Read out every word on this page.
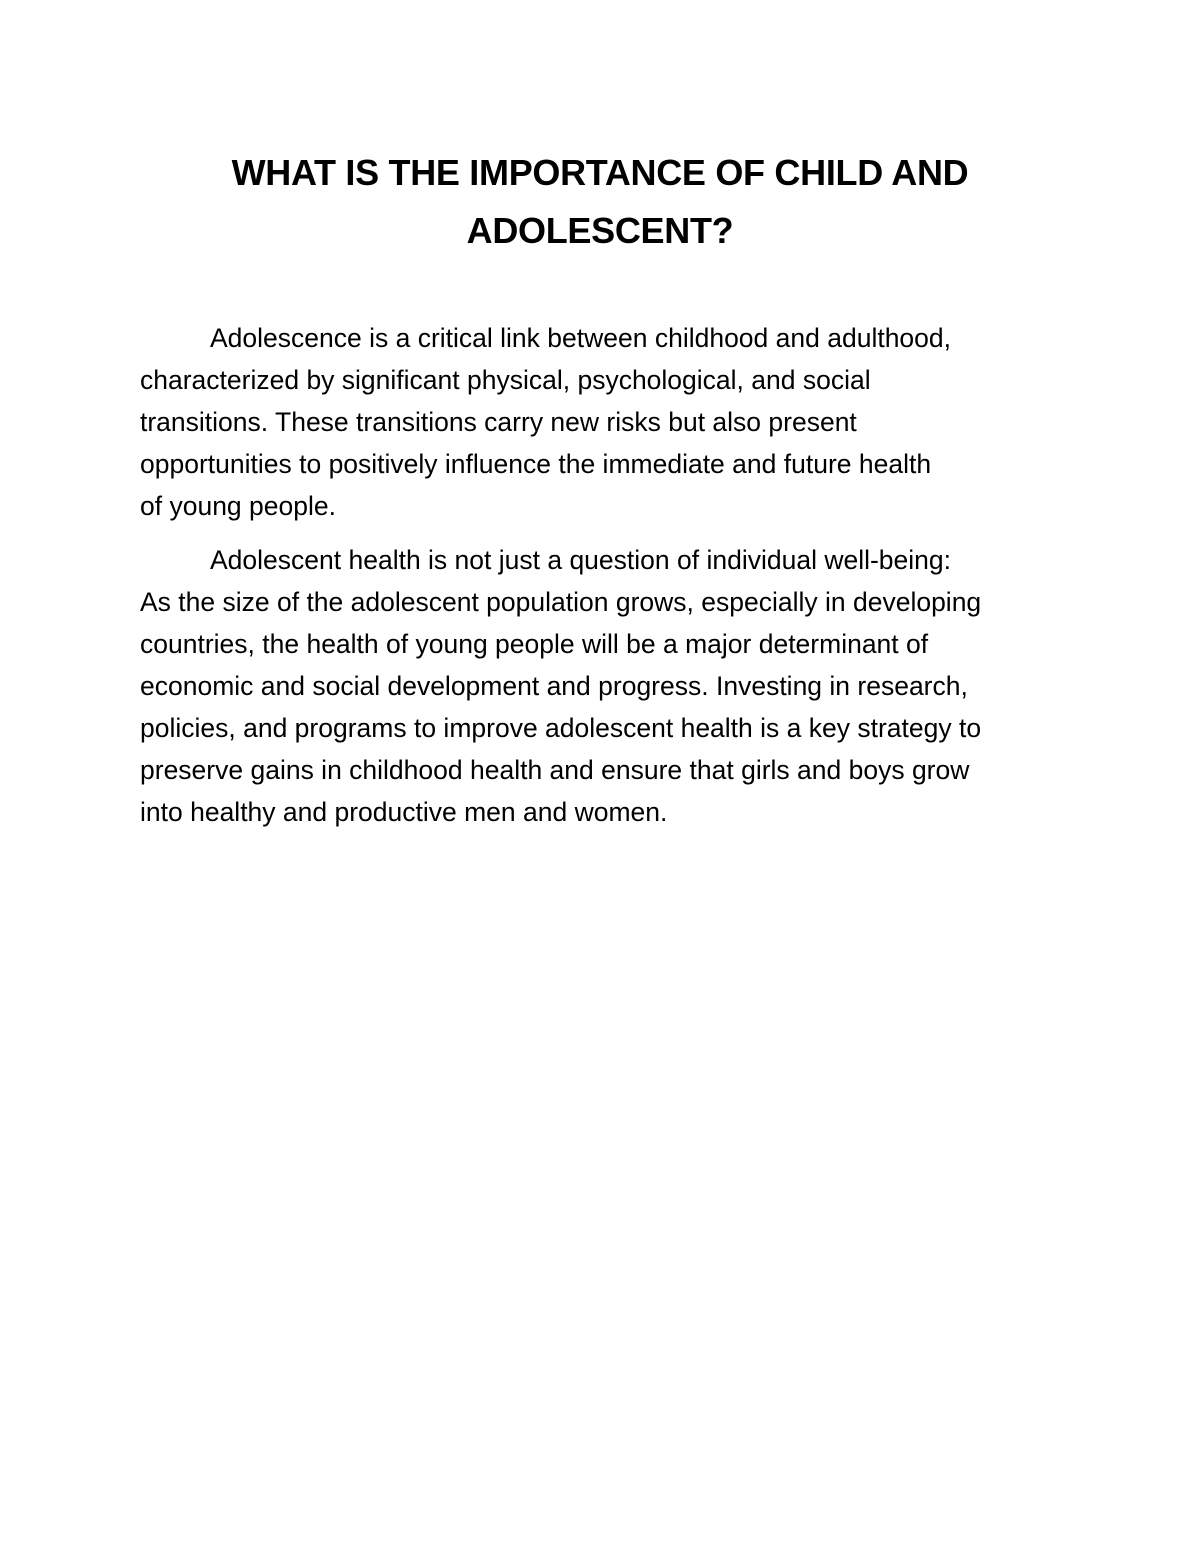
WHAT IS THE IMPORTANCE OF CHILD AND
ADOLESCENT?

Adolescence is a critical link between childhood and adulthood,
characterized by significant physical, psychological, and social
transitions. These transitions carry new risks but also present
opportunities to positively influence the immediate and future health
of young people.

Adolescent health is not just a question of individual well-being:
As the size of the adolescent population grows, especially in developing
countries, the health of young people will be a major determinant of
economic and social development and progress. Investing in research,
policies, and programs to improve adolescent health is a key strategy to
preserve gains in childhood health and ensure that girls and boys grow
into healthy and productive men and women.
